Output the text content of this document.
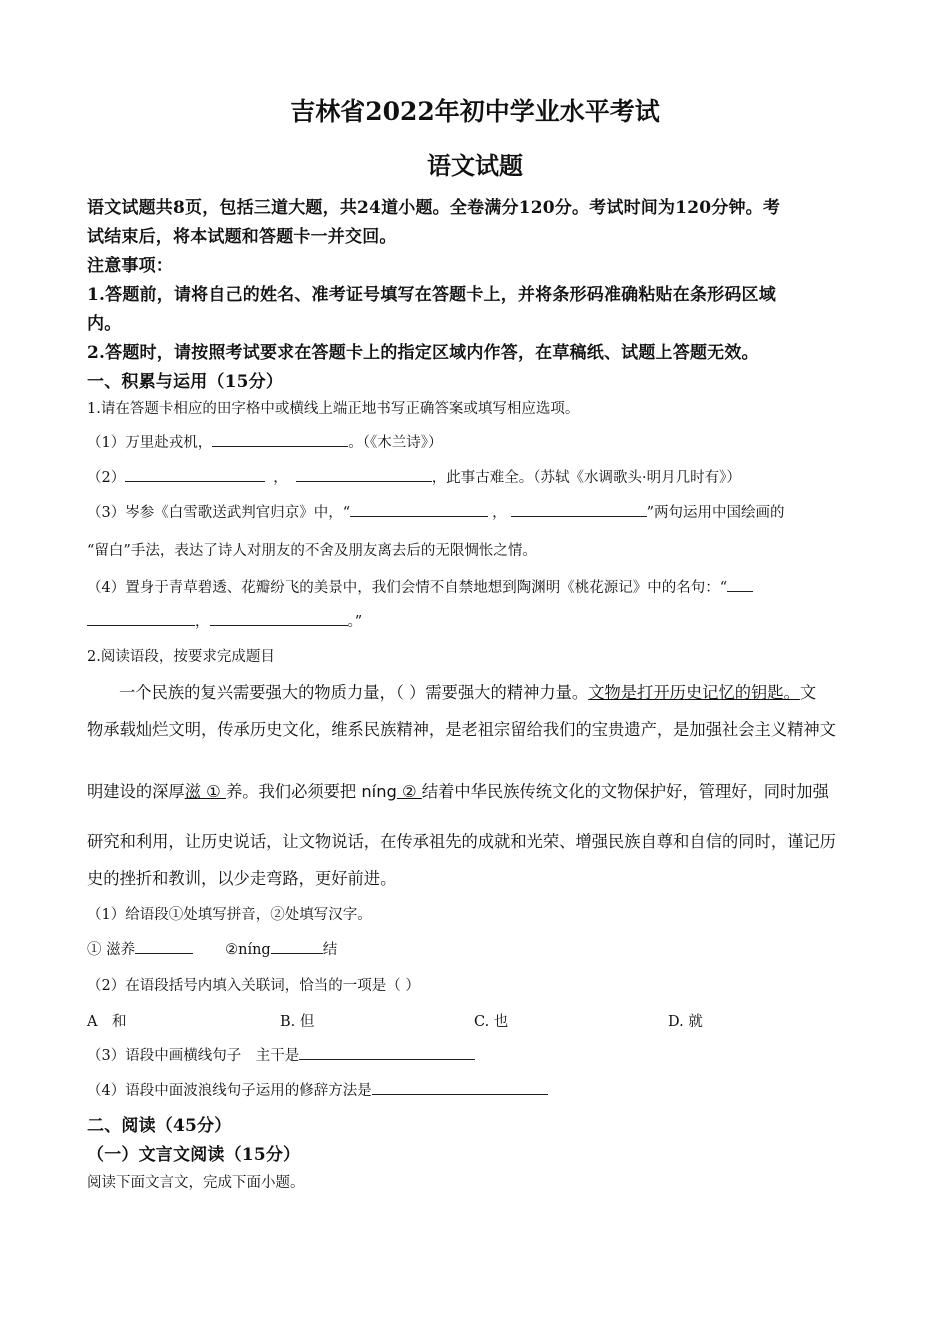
吉林省2022年初中学业水平考试
语文试题
语文试题共8页，包括三道大题，共24道小题。全卷满分120分。考试时间为120分钟。考
试结束后，将本试题和答题卡一并交回。
注意事项：
1.答题前，请将自己的姓名、准考证号填写在答题卡上，并将条形码准确粘贴在条形码区域
内。
2.答题时，请按照考试要求在答题卡上的指定区域内作答，在草稿纸、试题上答题无效。
一、积累与运用（15分）
1.请在答题卡相应的田字格中或横线上端正地书写正确答案或填写相应选项。
（1）万里赴戎机，	。（《木兰诗》）
（2）	，	，此事古难全。（苏轼《水调歌头·明月几时有》）
（3）岑参《白雪歌送武判官归京》中，“	，	”两句运用中国绘画的
“留白”手法，表达了诗人对朋友的不舍及朋友离去后的无限惆怅之情。
（4）置身于青草碧透、花瓣纷飞的美景中，我们会情不自禁地想到陶渊明《桃花源记》中的名句：“
，	。”
2.阅读语段，按要求完成题目
一个民族的复兴需要强大的物质力量，（ ）需要强大的精神力量。文物是打开历史记忆的钥匙。文
物承载灿烂文明，传承历史文化，维系民族精神，是老祖宗留给我们的宝贵遗产，是加强社会主义精神文
明建设的深厚滋 ① 养。我们必须要把 níng ② 结着中华民族传统文化的文物保护好，管理好，同时加强
研究和利用，让历史说话，让文物说话，在传承祖先的成就和光荣、增强民族自尊和自信的同时，谨记历
史的挫折和教训，以少走弯路，更好前进。
（1）给语段①处填写拼音，②处填写汉字。
① 滋养	②níng	结
（2）在语段括号内填入关联词，恰当的一项是（ ）
A　和	B. 但	C. 也	D. 就
（3）语段中画横线句子　主干是
（4）语段中面波浪线句子运用的修辞方法是
二、阅读（45分）
（一）文言文阅读（15分）
阅读下面文言文，完成下面小题。
